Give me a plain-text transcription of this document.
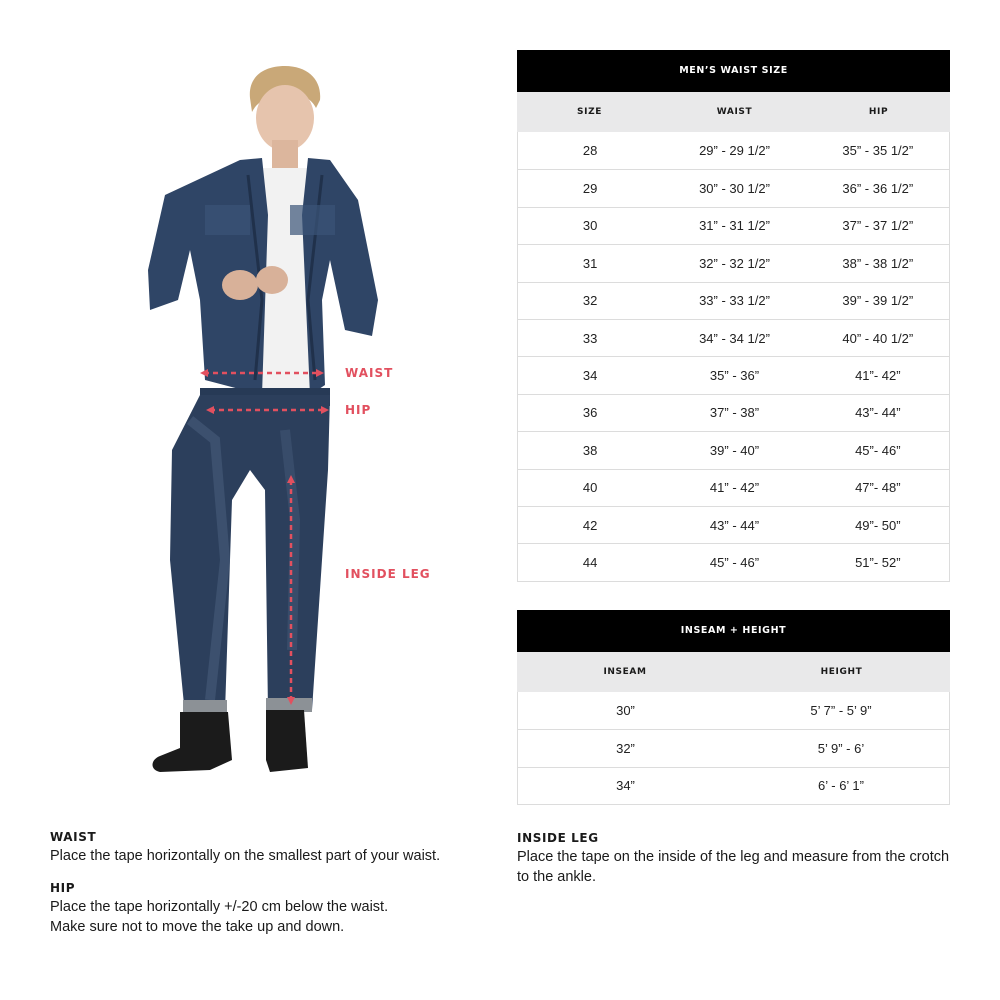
WAIST
HIP
INSIDE LEG
MEN’S WAIST SIZE
SIZE	WAIST	HIP
28	29” - 29 1/2”	35” - 35 1/2”
29	30” - 30 1/2”	36” - 36 1/2”
30	31” - 31 1/2”	37” - 37 1/2”
31	32” - 32 1/2”	38” - 38 1/2”
32	33” - 33 1/2”	39” - 39 1/2”
33	34” - 34 1/2”	40” - 40 1/2”
34	35” - 36”	41”- 42”
36	37” - 38”	43”- 44”
38	39” - 40”	45”- 46”
40	41” - 42”	47”- 48”
42	43” - 44”	49”- 50”
44	45” - 46”	51”- 52”
INSEAM + HEIGHT
INSEAM	HEIGHT
30”	5’ 7” - 5’ 9”
32”	5’ 9” - 6’
34”	6’ - 6’ 1”
WAIST

Place the tape horizontally on the smallest part of your waist.

HIP

Place the tape horizontally +/-20 cm below the waist.

Make sure not to move the take up and down.

INSIDE LEG

Place the tape on the inside of the leg and measure from the crotch

to the ankle.
